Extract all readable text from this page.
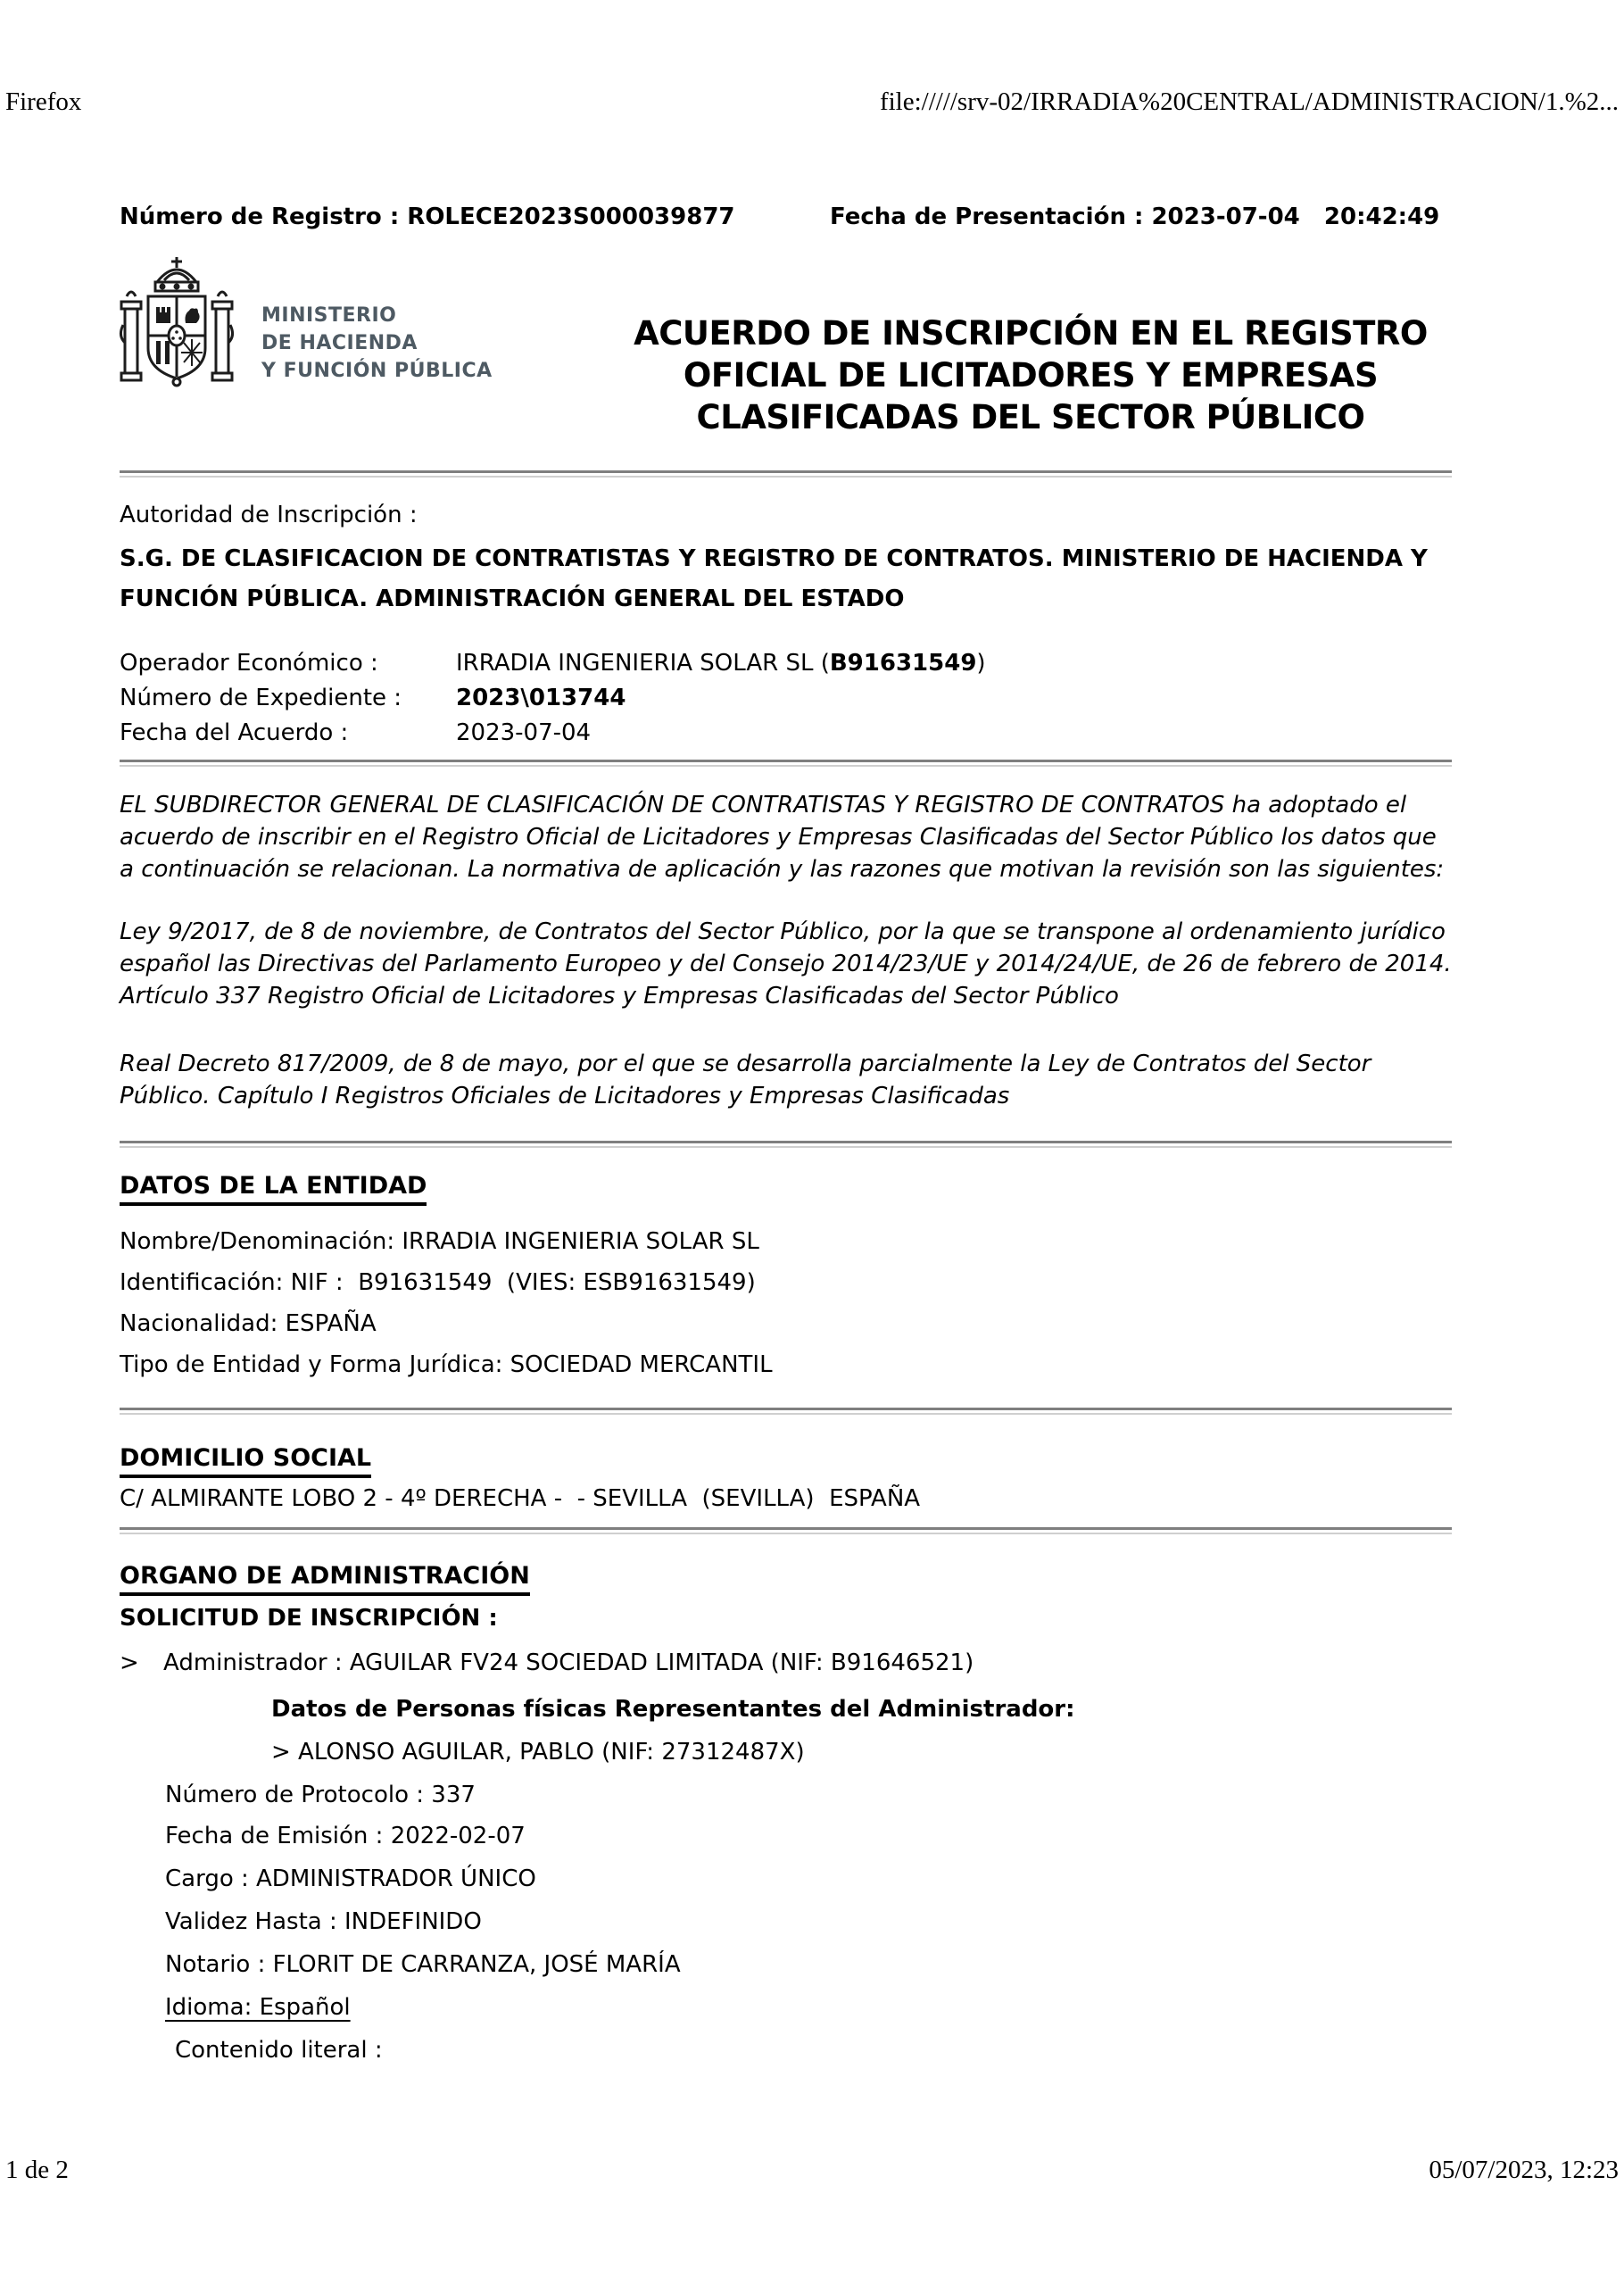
Firefox	file://///srv-02/IRRADIA%20CENTRAL/ADMINISTRACION/1.%2...
Número de Registro : ROLECE2023S000039877	Fecha de Presentación : 2023-07-04   20:42:49
MINISTERIO
DE HACIENDA
Y FUNCIÓN PÚBLICA
ACUERDO DE INSCRIPCIÓN EN EL REGISTRO
OFICIAL DE LICITADORES Y EMPRESAS
CLASIFICADAS DEL SECTOR PÚBLICO
Autoridad de Inscripción :
S.G. DE CLASIFICACION DE CONTRATISTAS Y REGISTRO DE CONTRATOS. MINISTERIO DE HACIENDA Y FUNCIÓN PÚBLICA. ADMINISTRACIÓN GENERAL DEL ESTADO
Operador Económico :	IRRADIA INGENIERIA SOLAR SL (B91631549)
Número de Expediente : 2023\013744
Fecha del Acuerdo :	2023-07-04

EL SUBDIRECTOR GENERAL DE CLASIFICACIÓN DE CONTRATISTAS Y REGISTRO DE CONTRATOS ha adoptado el acuerdo de inscribir en el Registro Oficial de Licitadores y Empresas Clasificadas del Sector Público los datos que a continuación se relacionan. La normativa de aplicación y las razones que motivan la revisión son las siguientes:

Ley 9/2017, de 8 de noviembre, de Contratos del Sector Público, por la que se transpone al ordenamiento jurídico español las Directivas del Parlamento Europeo y del Consejo 2014/23/UE y 2014/24/UE, de 26 de febrero de 2014. Artículo 337 Registro Oficial de Licitadores y Empresas Clasificadas del Sector Público

Real Decreto 817/2009, de 8 de mayo, por el que se desarrolla parcialmente la Ley de Contratos del Sector Público. Capítulo I Registros Oficiales de Licitadores y Empresas Clasificadas

DATOS DE LA ENTIDAD
Nombre/Denominación: IRRADIA INGENIERIA SOLAR SL
Identificación: NIF :  B91631549  (VIES: ESB91631549)
Nacionalidad: ESPAÑA
Tipo de Entidad y Forma Jurídica: SOCIEDAD MERCANTIL
DOMICILIO SOCIAL
C/ ALMIRANTE LOBO 2 - 4º DERECHA -  - SEVILLA  (SEVILLA)  ESPAÑA
ORGANO DE ADMINISTRACIÓN
SOLICITUD DE INSCRIPCIÓN :
> Administrador : AGUILAR FV24 SOCIEDAD LIMITADA (NIF: B91646521)
Datos de Personas físicas Representantes del Administrador:
> ALONSO AGUILAR, PABLO (NIF: 27312487X)
Número de Protocolo : 337
Fecha de Emisión : 2022-02-07
Cargo : ADMINISTRADOR ÚNICO
Validez Hasta : INDEFINIDO
Notario : FLORIT DE CARRANZA, JOSÉ MARÍA
Idioma: Español
Contenido literal :
1 de 2	05/07/2023, 12:23
